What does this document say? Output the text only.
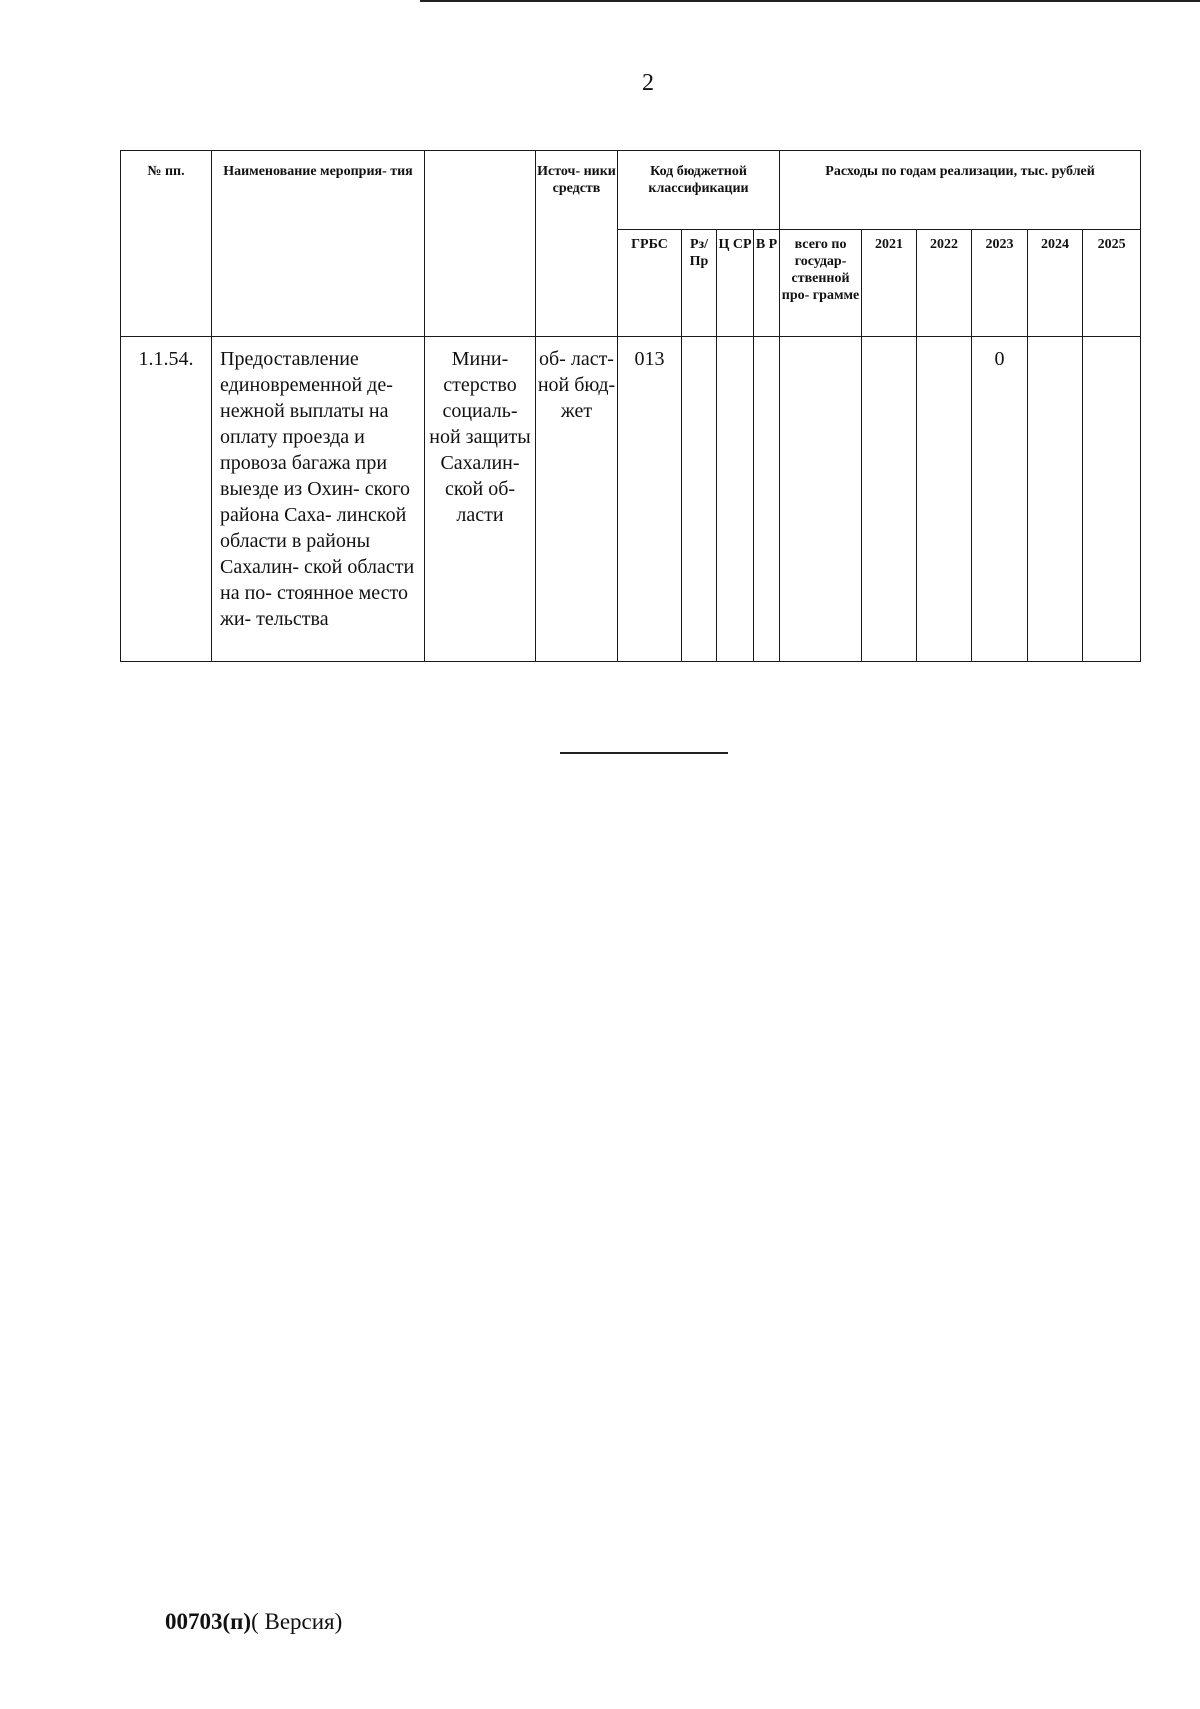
2
№ пп.	Наименование мероприя- тия		Источ- ники средств	Код бюджетной классификации				Расходы по годам реализации, тыс. рублей					
				ГРБС	Рз/ Пр	Ц СР	В Р	всего по государ- ственной про- грамме	2021	2022	2023	2024	2025
1.1.54.	Предоставление единовременной де- нежной выплаты на оплату проезда и провоза багажа при выезде из Охин- ского района Саха- линской области в районы Сахалин- ской области на по- стоянное место жи- тельства	Мини- стерство социаль- ной защиты Сахалин- ской об- ласти	об- ласт- ной бюд- жет	013							0		
00703(п)( Версия)
